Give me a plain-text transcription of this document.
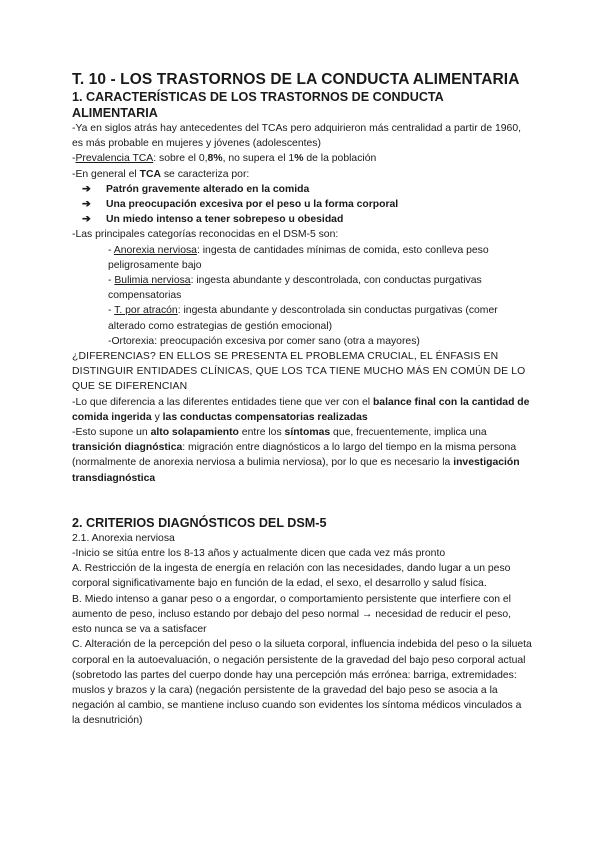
T. 10 - LOS TRASTORNOS DE LA CONDUCTA ALIMENTARIA
1. CARACTERÍSTICAS DE LOS TRASTORNOS DE CONDUCTA ALIMENTARIA

-Ya en siglos atrás hay antecedentes del TCAs pero adquirieron más centralidad a partir de 1960, es más probable en mujeres y jóvenes (adolescentes)

-Prevalencia TCA: sobre el 0,8%, no supera el 1% de la población

-En general el TCA se caracteriza por:

➔	Patrón gravemente alterado en la comida
➔	Una preocupación excesiva por el peso u la forma corporal
➔	Un miedo intenso a tener sobrepeso u obesidad

-Las principales categorías reconocidas en el DSM-5 son:

- Anorexia nerviosa: ingesta de cantidades mínimas de comida, esto conlleva peso peligrosamente bajo

- Bulimia nerviosa: ingesta abundante y descontrolada, con conductas purgativas compensatorias

- T. por atracón: ingesta abundante y descontrolada sin conductas purgativas (comer alterado como estrategias de gestión emocional)

-Ortorexia: preocupación excesiva por comer sano (otra a mayores)

¿DIFERENCIAS? EN ELLOS SE PRESENTA EL PROBLEMA CRUCIAL, EL ÉNFASIS EN DISTINGUIR ENTIDADES CLÍNICAS, QUE LOS TCA TIENE MUCHO MÁS EN COMÚN DE LO QUE SE DIFERENCIAN

-Lo que diferencia a las diferentes entidades tiene que ver con el balance final con la cantidad de comida ingerida y las conductas compensatorias realizadas

-Esto supone un alto solapamiento entre los síntomas que, frecuentemente, implica una transición diagnóstica: migración entre diagnósticos a lo largo del tiempo en la misma persona (normalmente de anorexia nerviosa a bulimia nerviosa), por lo que es necesario la investigación transdiagnóstica

2. CRITERIOS DIAGNÓSTICOS DEL DSM-5

2.1. Anorexia nerviosa

-Inicio se sitúa entre los 8-13 años y actualmente dicen que cada vez más pronto

A. Restricción de la ingesta de energía en relación con las necesidades, dando lugar a un peso corporal significativamente bajo en función de la edad, el sexo, el desarrollo y salud física.

B. Miedo intenso a ganar peso o a engordar, o comportamiento persistente que interfiere con el aumento de peso, incluso estando por debajo del peso normal → necesidad de reducir el peso, esto nunca se va a satisfacer

C. Alteración de la percepción del peso o la silueta corporal, influencia indebida del peso o la silueta corporal en la autoevaluación, o negación persistente de la gravedad del bajo peso corporal actual (sobretodo las partes del cuerpo donde hay una percepción más errónea: barriga, extremidades: muslos y brazos y la cara) (negación persistente de la gravedad del bajo peso se asocia a la negación al cambio, se mantiene incluso cuando son evidentes los síntoma médicos vinculados a la desnutrición)
